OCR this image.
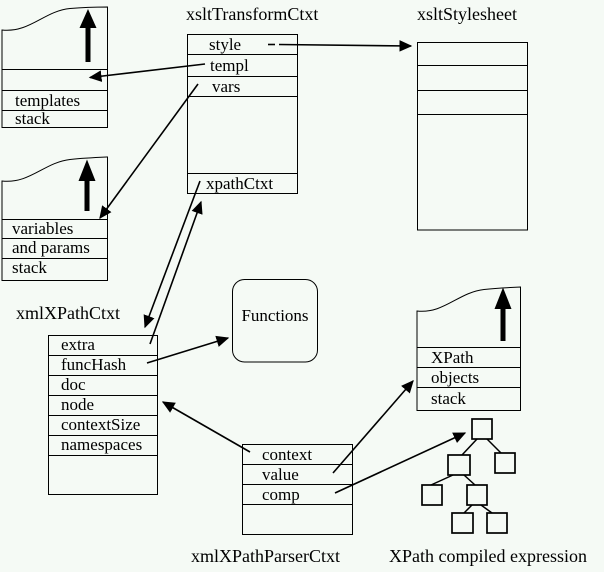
xsltTransformCtxt	xsltStylesheet
xmlXPathCtxt
xmlXPathParserCtxt	XPath compiled expression
templates
stack
variables
and params
stack
style
templ
vars
xpathCtxt
Functions
extra
funcHash
doc
node
contextSize
namespaces
XPath
objects
stack
context
value
comp
